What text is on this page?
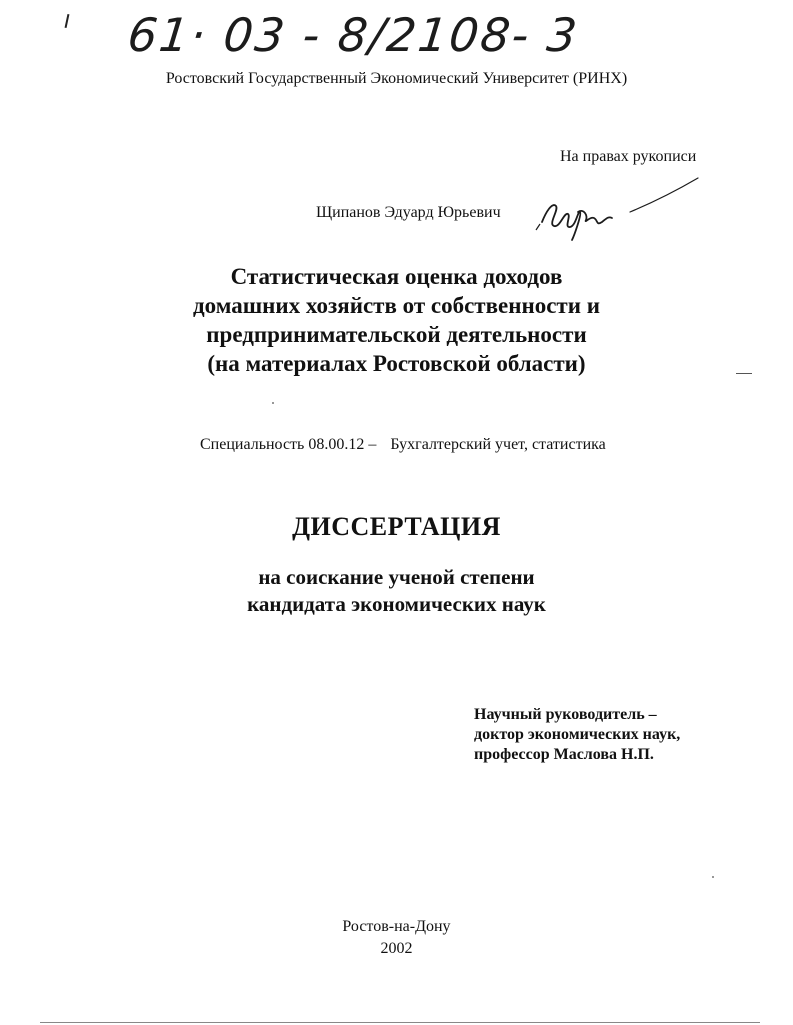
61· 03 - 8/2108- 3
Ростовский Государственный Экономический Университет (РИНХ)
На правах рукописи
Щипанов Эдуард Юрьевич
Статистическая оценка доходов
домашних хозяйств от собственности и
предпринимательской деятельности
(на материалах Ростовской области)
Специальность 08.00.12 – Бухгалтерский учет, статистика
ДИССЕРТАЦИЯ
на соискание ученой степени
кандидата экономических наук
Научный руководитель –
доктор экономических наук,
профессор Маслова Н.П.
Ростов-на-Дону
2002
